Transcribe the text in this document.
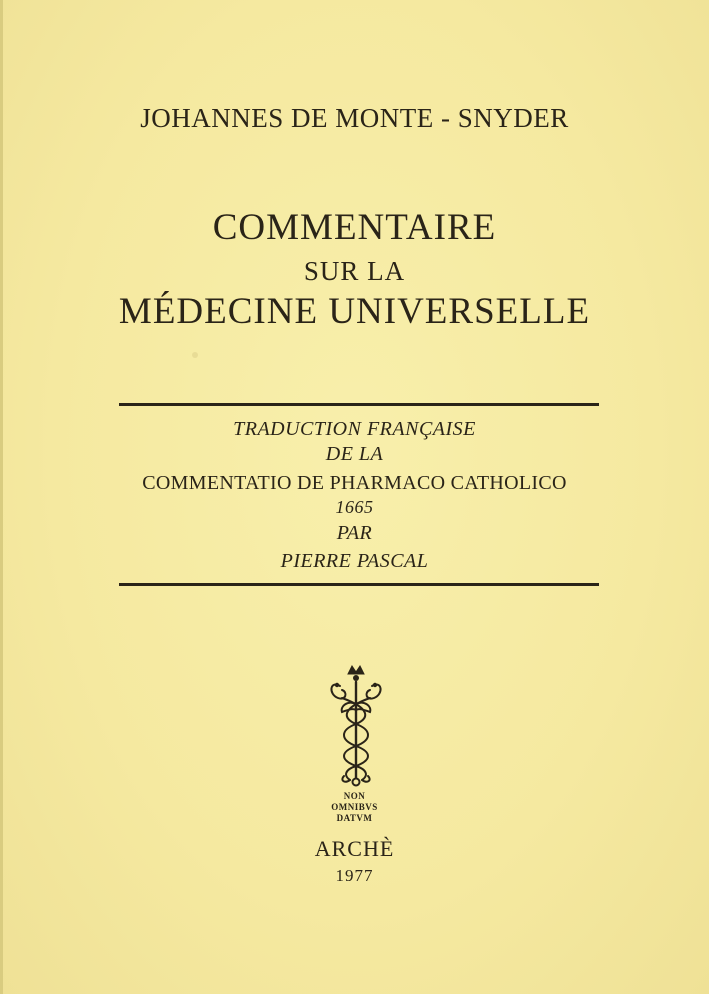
JOHANNES DE MONTE - SNYDER
COMMENTAIRE
SUR LA
MÉDECINE UNIVERSELLE
TRADUCTION FRANÇAISE
DE LA
COMMENTATIO DE PHARMACO CATHOLICO
1665
PAR
PIERRE PASCAL
NON
OMNIBVS
DATVM
ARCHÈ
1977
